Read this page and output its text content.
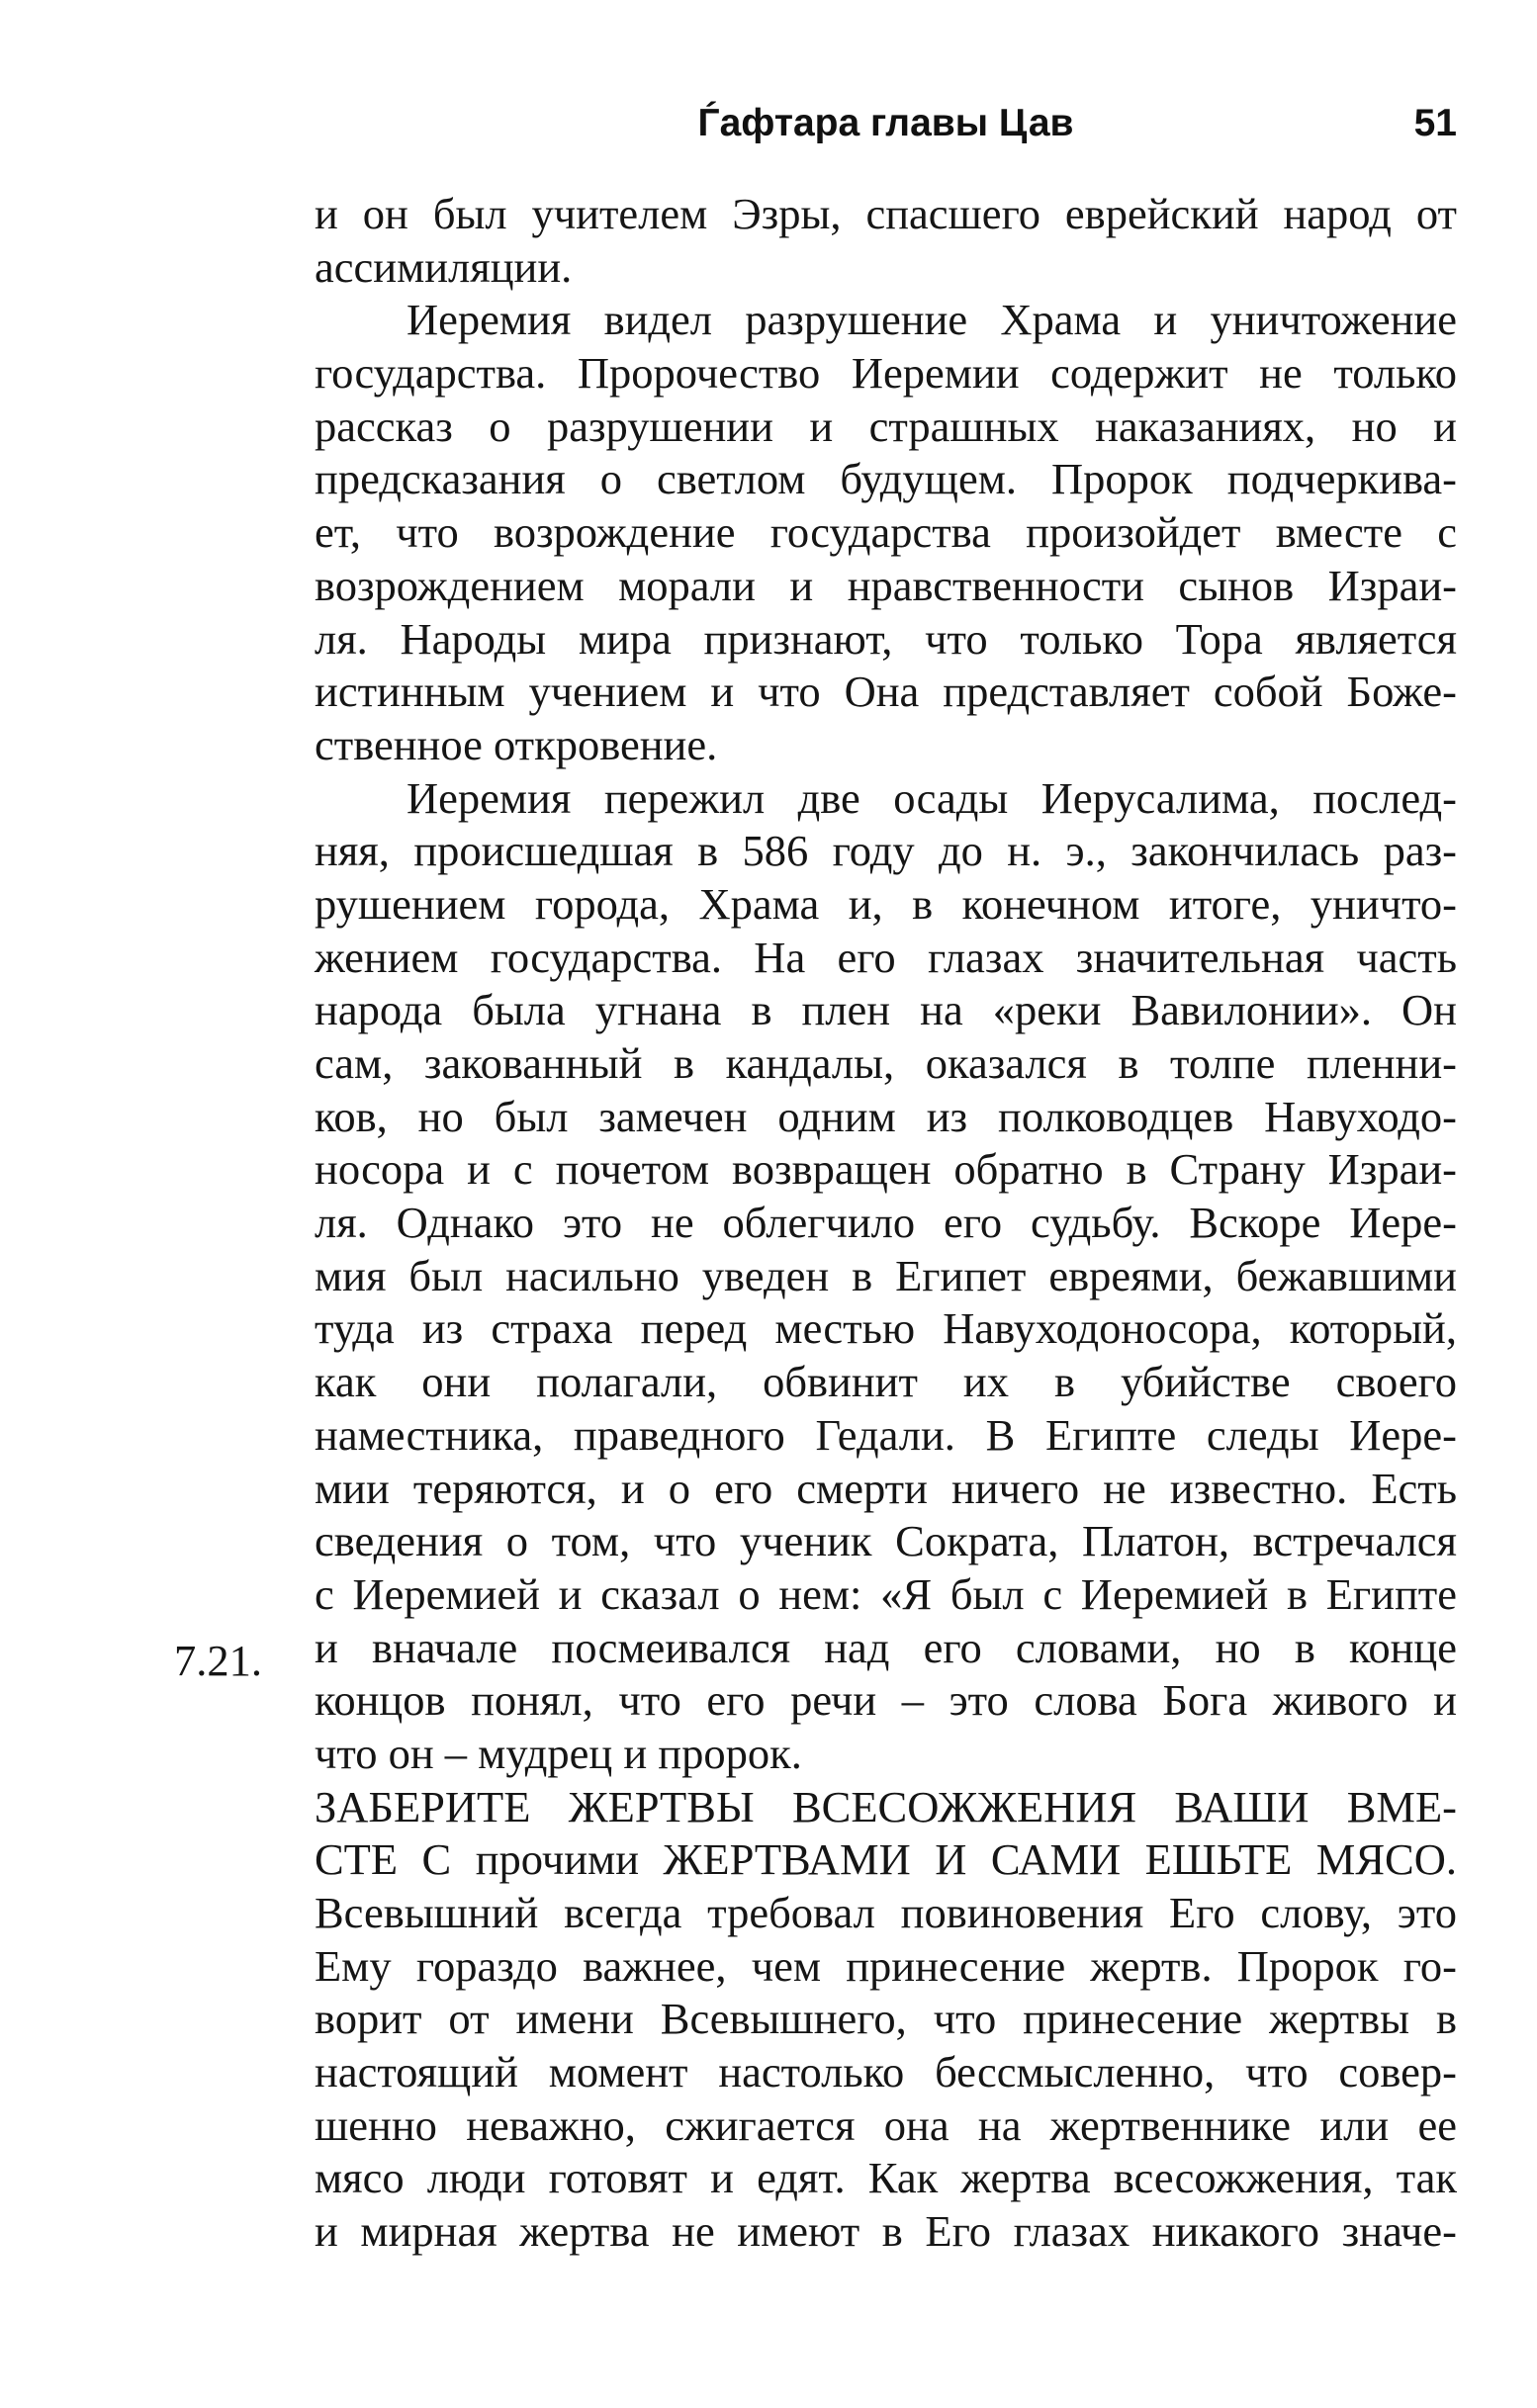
Ѓафтара главы Цав	51
7.21.
и он был учителем Эзры, спасшего еврейский народ от
ассимиляции.
Иеремия видел разрушение Храма и уничтожение
государства. Пророчество Иеремии содержит не только
рассказ о разрушении и страшных наказаниях, но и
предсказания о светлом будущем. Пророк подчеркива-
ет, что возрождение государства произойдет вместе с
возрождением морали и нравственности сынов Израи-
ля. Народы мира признают, что только Тора является
истинным учением и что Она представляет собой Боже-
ственное откровение.
Иеремия пережил две осады Иерусалима, послед-
няя, происшедшая в 586 году до н. э., закончилась раз-
рушением города, Храма и, в конечном итоге, уничто-
жением государства. На его глазах значительная часть
народа была угнана в плен на «реки Вавилонии». Он
сам, закованный в кандалы, оказался в толпе пленни-
ков, но был замечен одним из полководцев Навуходо-
носора и с почетом возвращен обратно в Страну Израи-
ля. Однако это не облегчило его судьбу. Вскоре Иере-
мия был насильно уведен в Египет евреями, бежавшими
туда из страха перед местью Навуходоносора, который,
как они полагали, обвинит их в убийстве своего
наместника, праведного Гедали. В Египте следы Иере-
мии теряются, и о его смерти ничего не известно. Есть
сведения о том, что ученик Сократа, Платон, встречался
с Иеремией и сказал о нем: «Я был с Иеремией в Египте
и вначале посмеивался над его словами, но в конце
концов понял, что его речи – это слова Бога живого и
что он – мудрец и пророк.
ЗАБЕРИТЕ ЖЕРТВЫ ВСЕСОЖЖЕНИЯ ВАШИ ВМЕ-
СТЕ С прочими ЖЕРТВАМИ И САМИ ЕШЬТЕ МЯСО.
Всевышний всегда требовал повиновения Его слову, это
Ему гораздо важнее, чем принесение жертв. Пророк го-
ворит от имени Всевышнего, что принесение жертвы в
настоящий момент настолько бессмысленно, что совер-
шенно неважно, сжигается она на жертвеннике или ее
мясо люди готовят и едят. Как жертва всесожжения, так
и мирная жертва не имеют в Его глазах никакого значе-
